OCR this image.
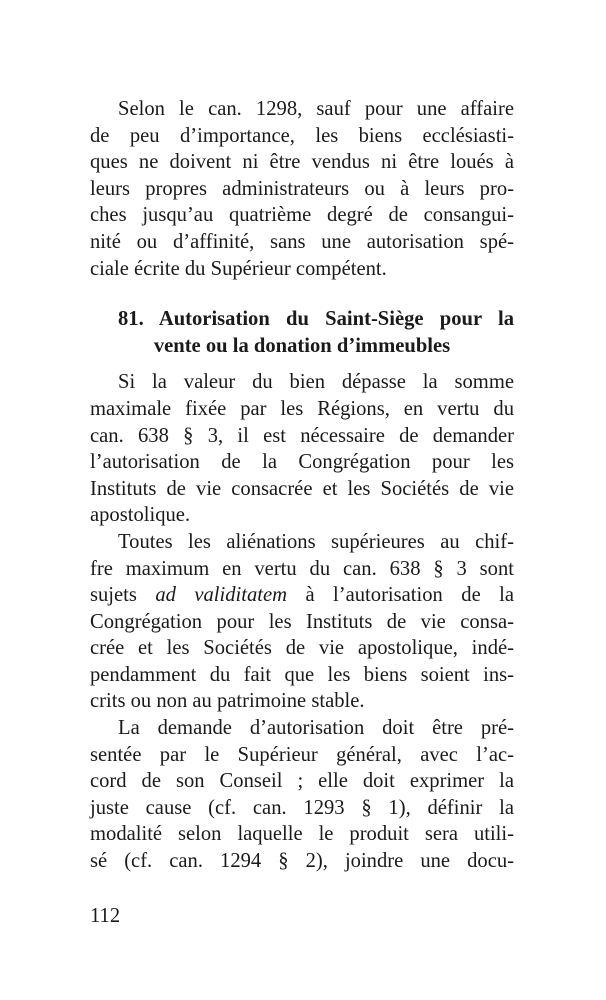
Selon le can. 1298, sauf pour une affaire
de peu d’importance, les biens ecclésiasti-
ques ne doivent ni être vendus ni être loués à
leurs propres administrateurs ou à leurs pro-
ches jusqu’au quatrième degré de consangui-
nité ou d’affinité, sans une autorisation spé-
ciale écrite du Supérieur compétent.

81. Autorisation du Saint-Siège pour la
vente ou la donation d’immeubles

Si la valeur du bien dépasse la somme
maximale fixée par les Régions, en vertu du
can. 638 § 3, il est nécessaire de demander
l’autorisation de la Congrégation pour les
Instituts de vie consacrée et les Sociétés de vie
apostolique.

Toutes les aliénations supérieures au chif-
fre maximum en vertu du can. 638 § 3 sont
sujets ad validitatem à l’autorisation de la
Congrégation pour les Instituts de vie consa-
crée et les Sociétés de vie apostolique, indé-
pendamment du fait que les biens soient ins-
crits ou non au patrimoine stable.

La demande d’autorisation doit être pré-
sentée par le Supérieur général, avec l’ac-
cord de son Conseil ; elle doit exprimer la
juste cause (cf. can. 1293 § 1), définir la
modalité selon laquelle le produit sera utili-
sé (cf. can. 1294 § 2), joindre une docu-

112
